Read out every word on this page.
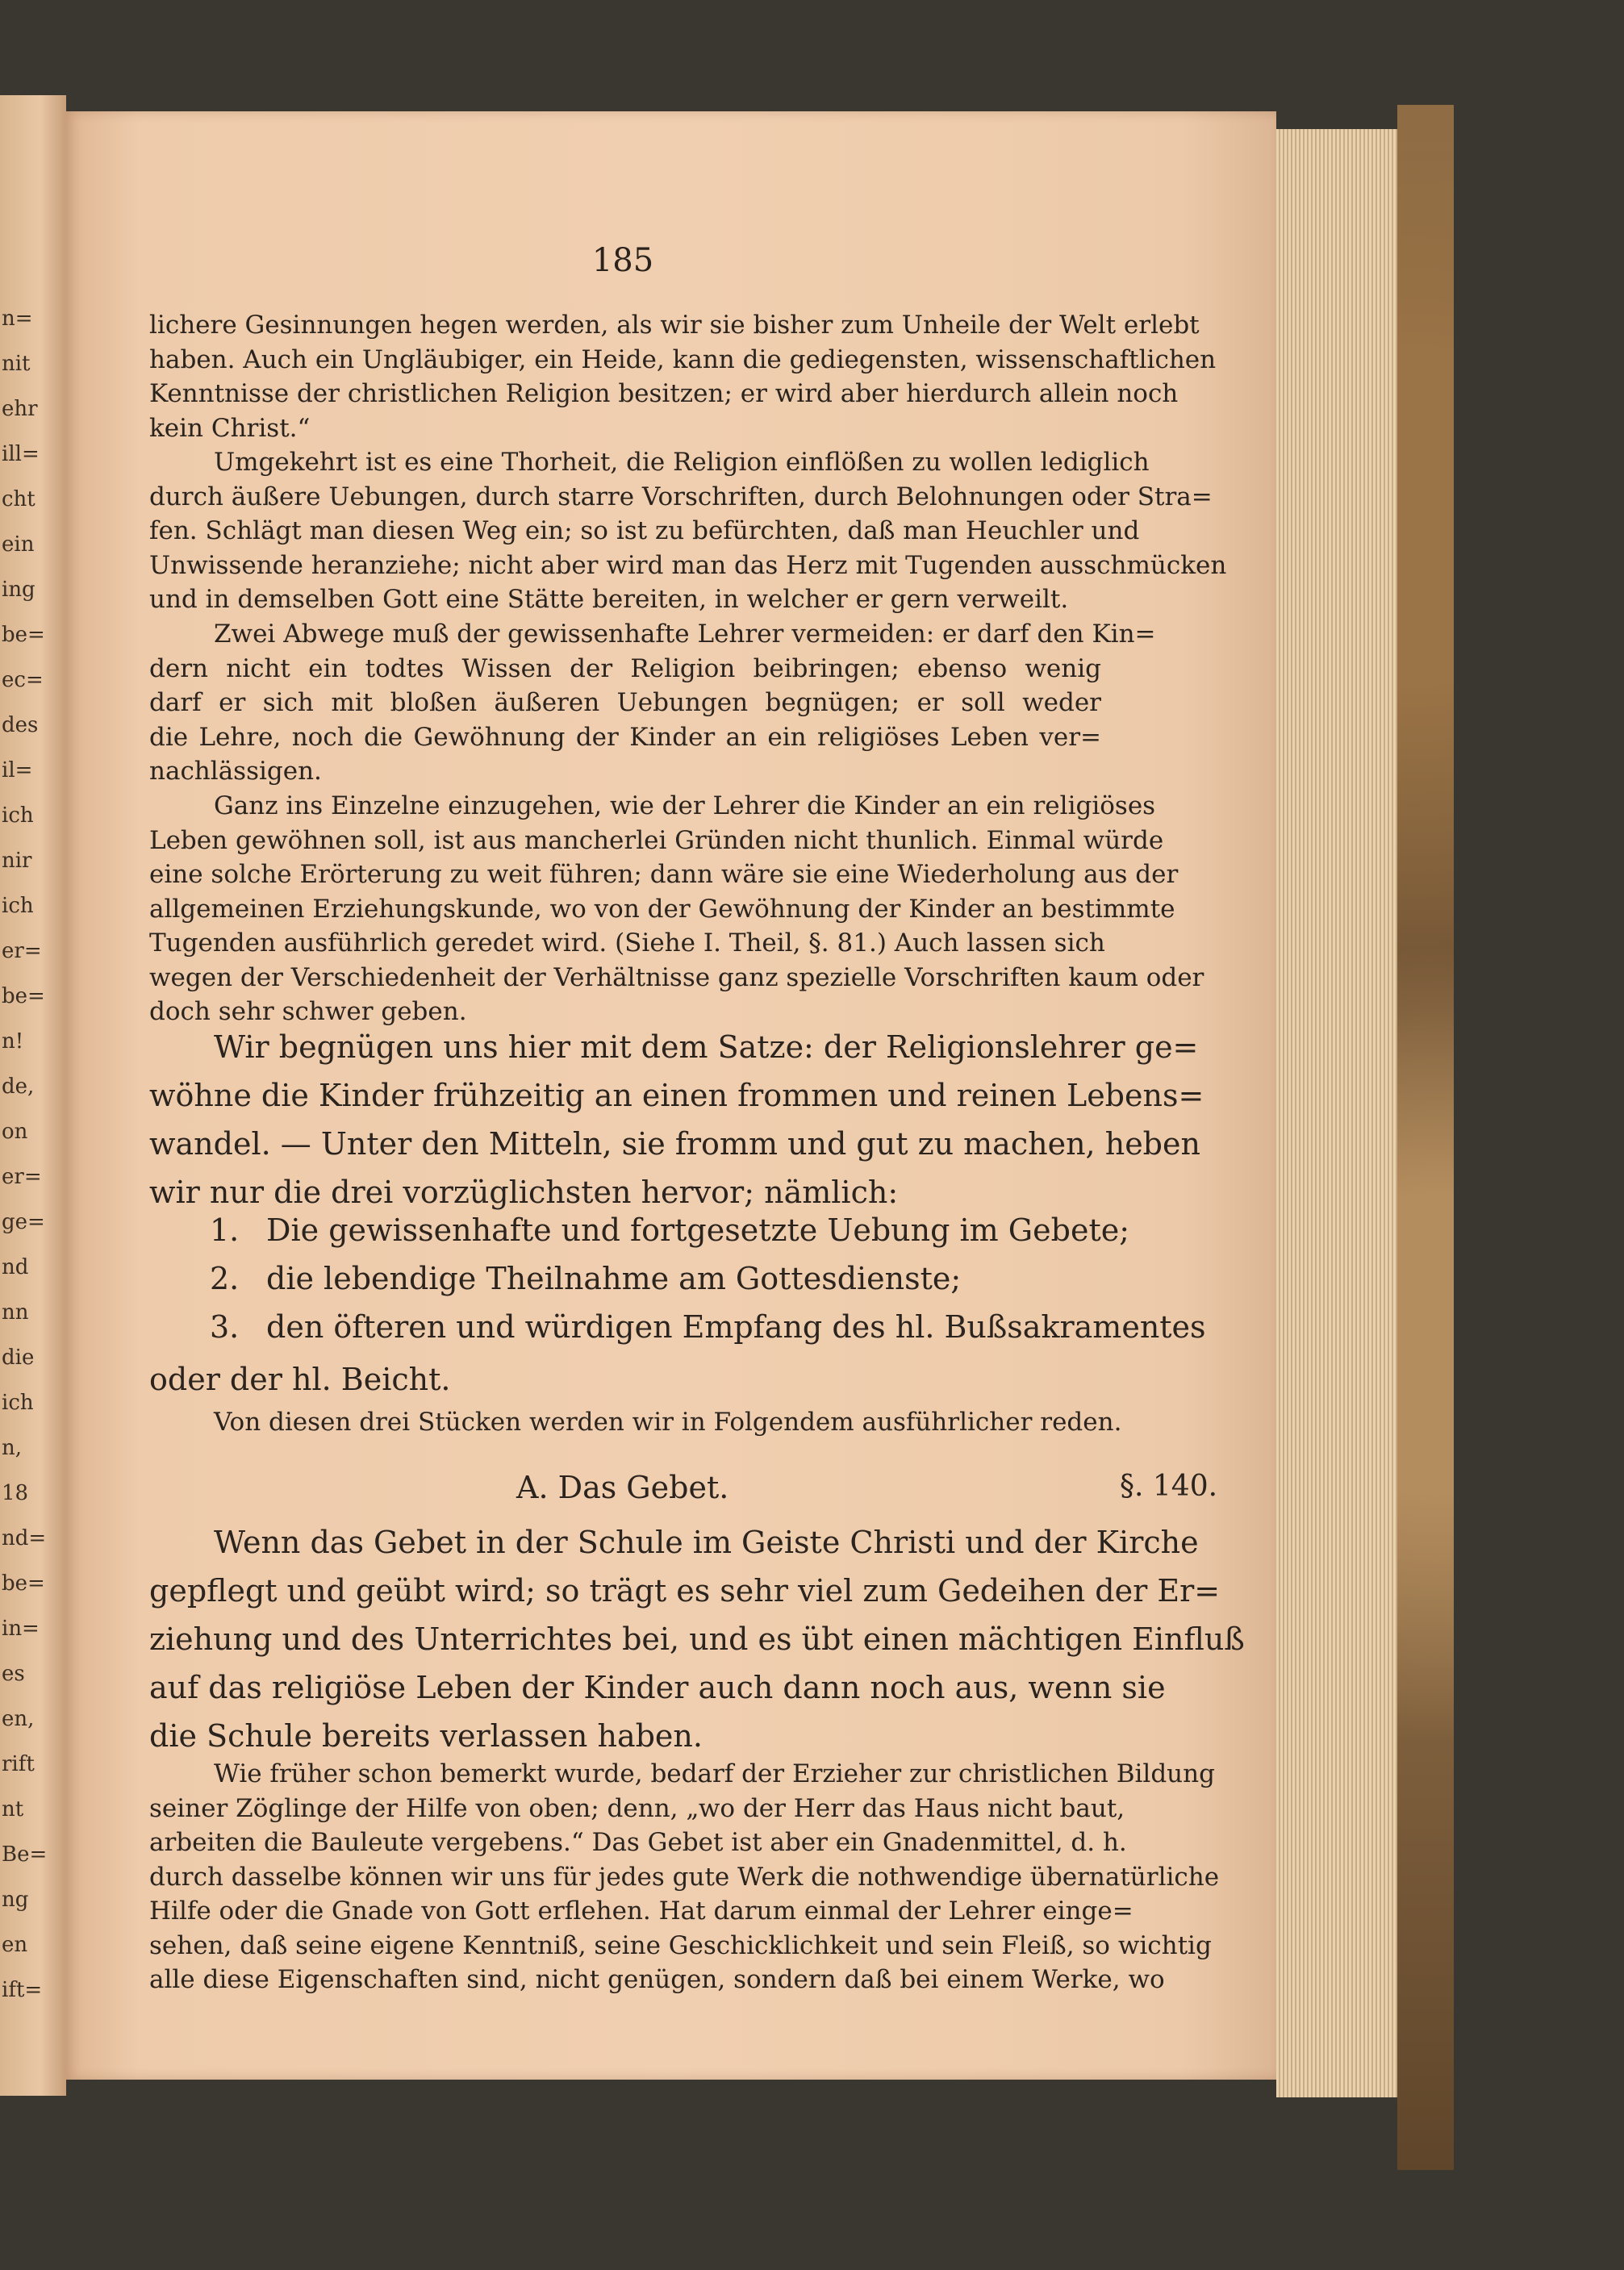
n=
nit
ehr
ill=
cht
ein
ing
be=
ec=
des
il=
ich
nir
ich
er=
be=
n!
de,
on
er=
ge=
nd
nn
die
ich
n,
18
nd=
be=
in=
es
en,
rift
nt
Be=
ng
en
ift=
185
lichere Gesinnungen hegen werden, als wir sie bisher zum Unheile der Welt erlebt
haben. Auch ein Ungläubiger, ein Heide, kann die gediegensten, wissenschaftlichen
Kenntnisse der christlichen Religion besitzen; er wird aber hierdurch allein noch
kein Christ.“
Umgekehrt ist es eine Thorheit, die Religion einflößen zu wollen lediglich
durch äußere Uebungen, durch starre Vorschriften, durch Belohnungen oder Stra=
fen. Schlägt man diesen Weg ein; so ist zu befürchten, daß man Heuchler und
Unwissende heranziehe; nicht aber wird man das Herz mit Tugenden ausschmücken
und in demselben Gott eine Stätte bereiten, in welcher er gern verweilt.
Zwei Abwege muß der gewissenhafte Lehrer vermeiden: er darf den Kin=
dern nicht ein todtes Wissen der Religion beibringen; ebenso wenig
darf er sich mit bloßen äußeren Uebungen begnügen; er soll weder
die Lehre, noch die Gewöhnung der Kinder an ein religiöses Leben ver=
nachlässigen.
Ganz ins Einzelne einzugehen, wie der Lehrer die Kinder an ein religiöses
Leben gewöhnen soll, ist aus mancherlei Gründen nicht thunlich. Einmal würde
eine solche Erörterung zu weit führen; dann wäre sie eine Wiederholung aus der
allgemeinen Erziehungskunde, wo von der Gewöhnung der Kinder an bestimmte
Tugenden ausführlich geredet wird. (Siehe I. Theil, §. 81.) Auch lassen sich
wegen der Verschiedenheit der Verhältnisse ganz spezielle Vorschriften kaum oder
doch sehr schwer geben.
Wir begnügen uns hier mit dem Satze: der Religionslehrer ge=
wöhne die Kinder frühzeitig an einen frommen und reinen Lebens=
wandel. — Unter den Mitteln, sie fromm und gut zu machen, heben
wir nur die drei vorzüglichsten hervor; nämlich:
1. Die gewissenhafte und fortgesetzte Uebung im Gebete;
2. die lebendige Theilnahme am Gottesdienste;
3. den öfteren und würdigen Empfang des hl. Bußsakramentes
oder der hl. Beicht.
Von diesen drei Stücken werden wir in Folgendem ausführlicher reden.
A. Das Gebet.	§. 140.
Wenn das Gebet in der Schule im Geiste Christi und der Kirche
gepflegt und geübt wird; so trägt es sehr viel zum Gedeihen der Er=
ziehung und des Unterrichtes bei, und es übt einen mächtigen Einfluß
auf das religiöse Leben der Kinder auch dann noch aus, wenn sie
die Schule bereits verlassen haben.
Wie früher schon bemerkt wurde, bedarf der Erzieher zur christlichen Bildung
seiner Zöglinge der Hilfe von oben; denn, „wo der Herr das Haus nicht baut,
arbeiten die Bauleute vergebens.“ Das Gebet ist aber ein Gnadenmittel, d. h.
durch dasselbe können wir uns für jedes gute Werk die nothwendige übernatürliche
Hilfe oder die Gnade von Gott erflehen. Hat darum einmal der Lehrer einge=
sehen, daß seine eigene Kenntniß, seine Geschicklichkeit und sein Fleiß, so wichtig
alle diese Eigenschaften sind, nicht genügen, sondern daß bei einem Werke, wo
